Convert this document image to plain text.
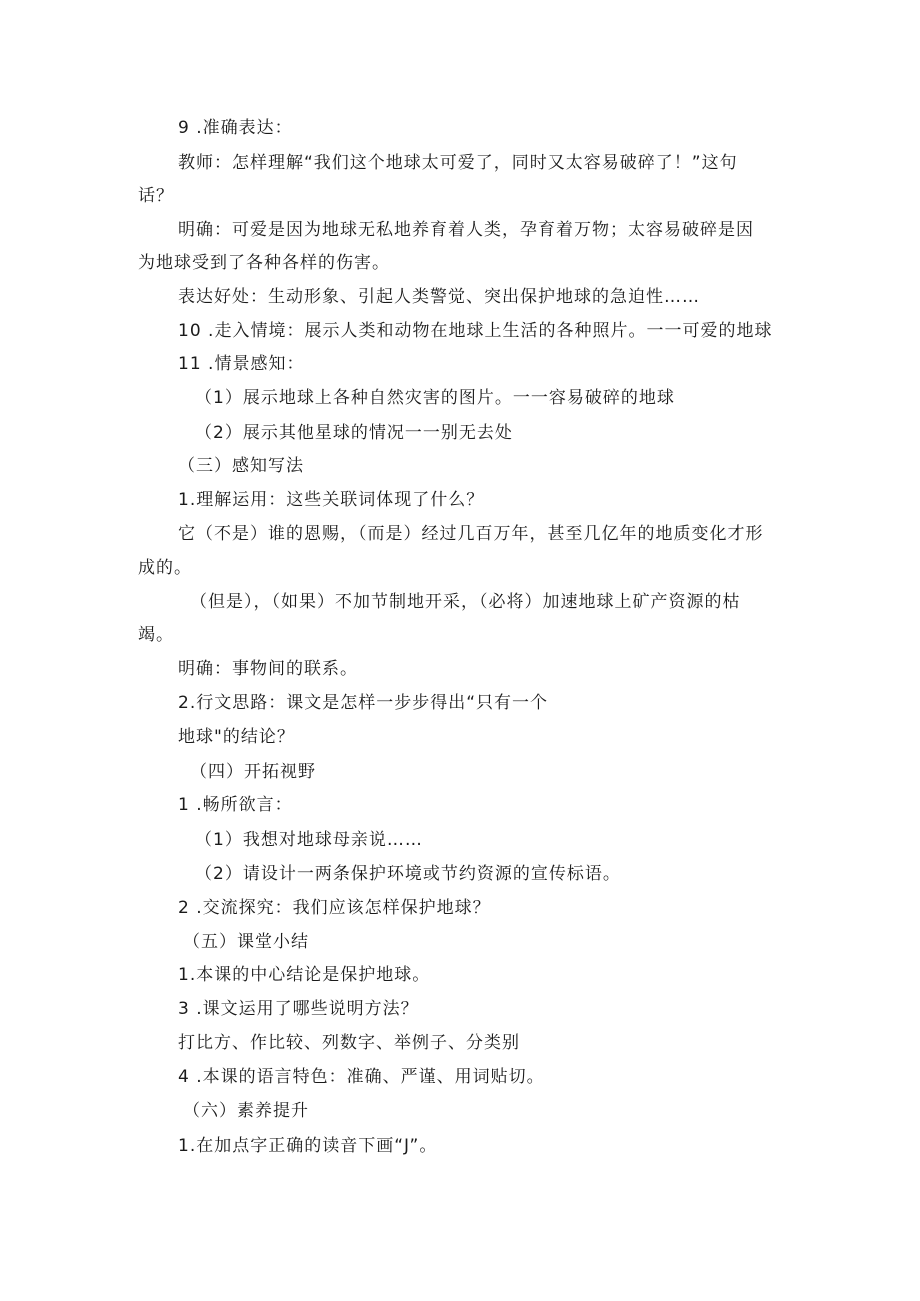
9 .准确表达：
教师：怎样理解“我们这个地球太可爱了，同时又太容易破碎了！”这句
话？
明确：可爱是因为地球无私地养育着人类，孕育着万物；太容易破碎是因
为地球受到了各种各样的伤害。
表达好处：生动形象、引起人类警觉、突出保护地球的急迫性……
10 .走入情境：展示人类和动物在地球上生活的各种照片。一一可爱的地球
11 .情景感知：
（1）展示地球上各种自然灾害的图片。一一容易破碎的地球
（2）展示其他星球的情况一一别无去处
（三）感知写法
1.理解运用：这些关联词体现了什么？
它（不是）谁的恩赐，（而是）经过几百万年，甚至几亿年的地质变化才形
成的。
（但是），（如果）不加节制地开采，（必将）加速地球上矿产资源的枯
竭。
明确：事物间的联系。
2.行文思路：课文是怎样一步步得出“只有一个
地球"的结论？
（四）开拓视野
1 .畅所欲言：
（1）我想对地球母亲说……
（2）请设计一两条保护环境或节约资源的宣传标语。
2 .交流探究：我们应该怎样保护地球？
（五）课堂小结
1.本课的中心结论是保护地球。
3 .课文运用了哪些说明方法？
打比方、作比较、列数字、举例子、分类别
4 .本课的语言特色：准确、严谨、用词贴切。
（六）素养提升
1.在加点字正确的读音下画“J”。
